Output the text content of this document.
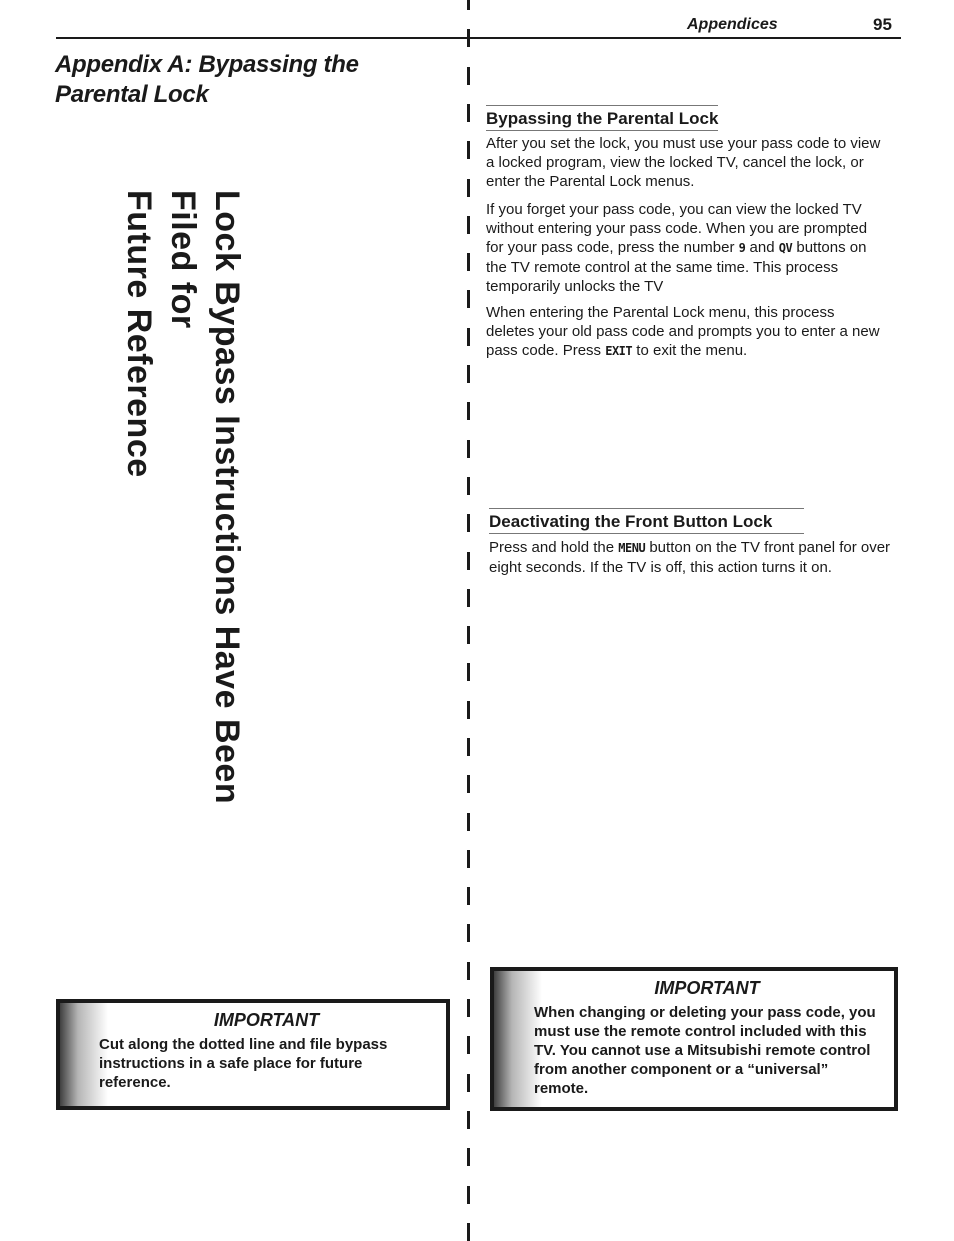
Appendices	95
Appendix A: Bypassing the
Parental Lock
Lock Bypass Instructions Have Been Filed for
Future Reference
Bypassing the Parental Lock
After you set the lock, you must use your pass code to view a locked program, view the locked TV, cancel the lock, or enter the Parental Lock menus.
If you forget your pass code, you can view the locked TV without entering your pass code. When you are prompted for your pass code, press the number 9 and QV buttons on the TV remote control at the same time. This process temporarily unlocks the TV
When entering the Parental Lock menu, this process deletes your old pass code and prompts you to enter a new pass code. Press EXIT to exit the menu.
Deactivating the Front Button Lock
Press and hold the MENU button on the TV front panel for over eight seconds. If the TV is off, this action turns it on.
IMPORTANT
Cut along the dotted line and file bypass instructions in a safe place for future reference.
IMPORTANT
When changing or deleting your pass code, you must use the remote control included with this TV. You cannot use a Mitsubishi remote control from another component or a “universal” remote.
